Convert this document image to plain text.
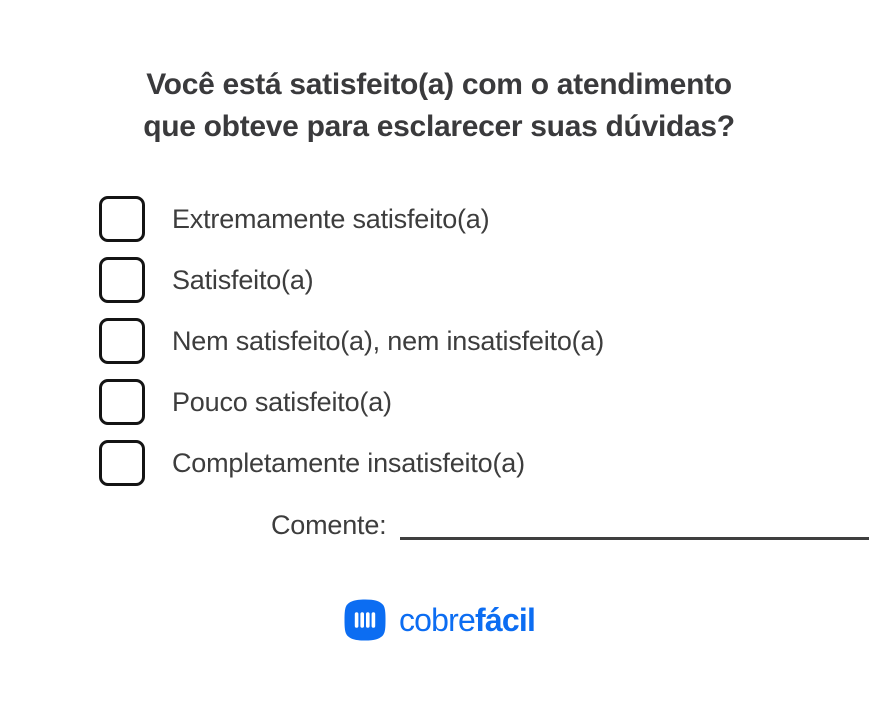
Você está satisfeito(a) com o atendimento
que obteve para esclarecer suas dúvidas?
Extremamente satisfeito(a)
Satisfeito(a)
Nem satisfeito(a), nem insatisfeito(a)
Pouco satisfeito(a)
Completamente insatisfeito(a)
Comente:
cobrefácil
